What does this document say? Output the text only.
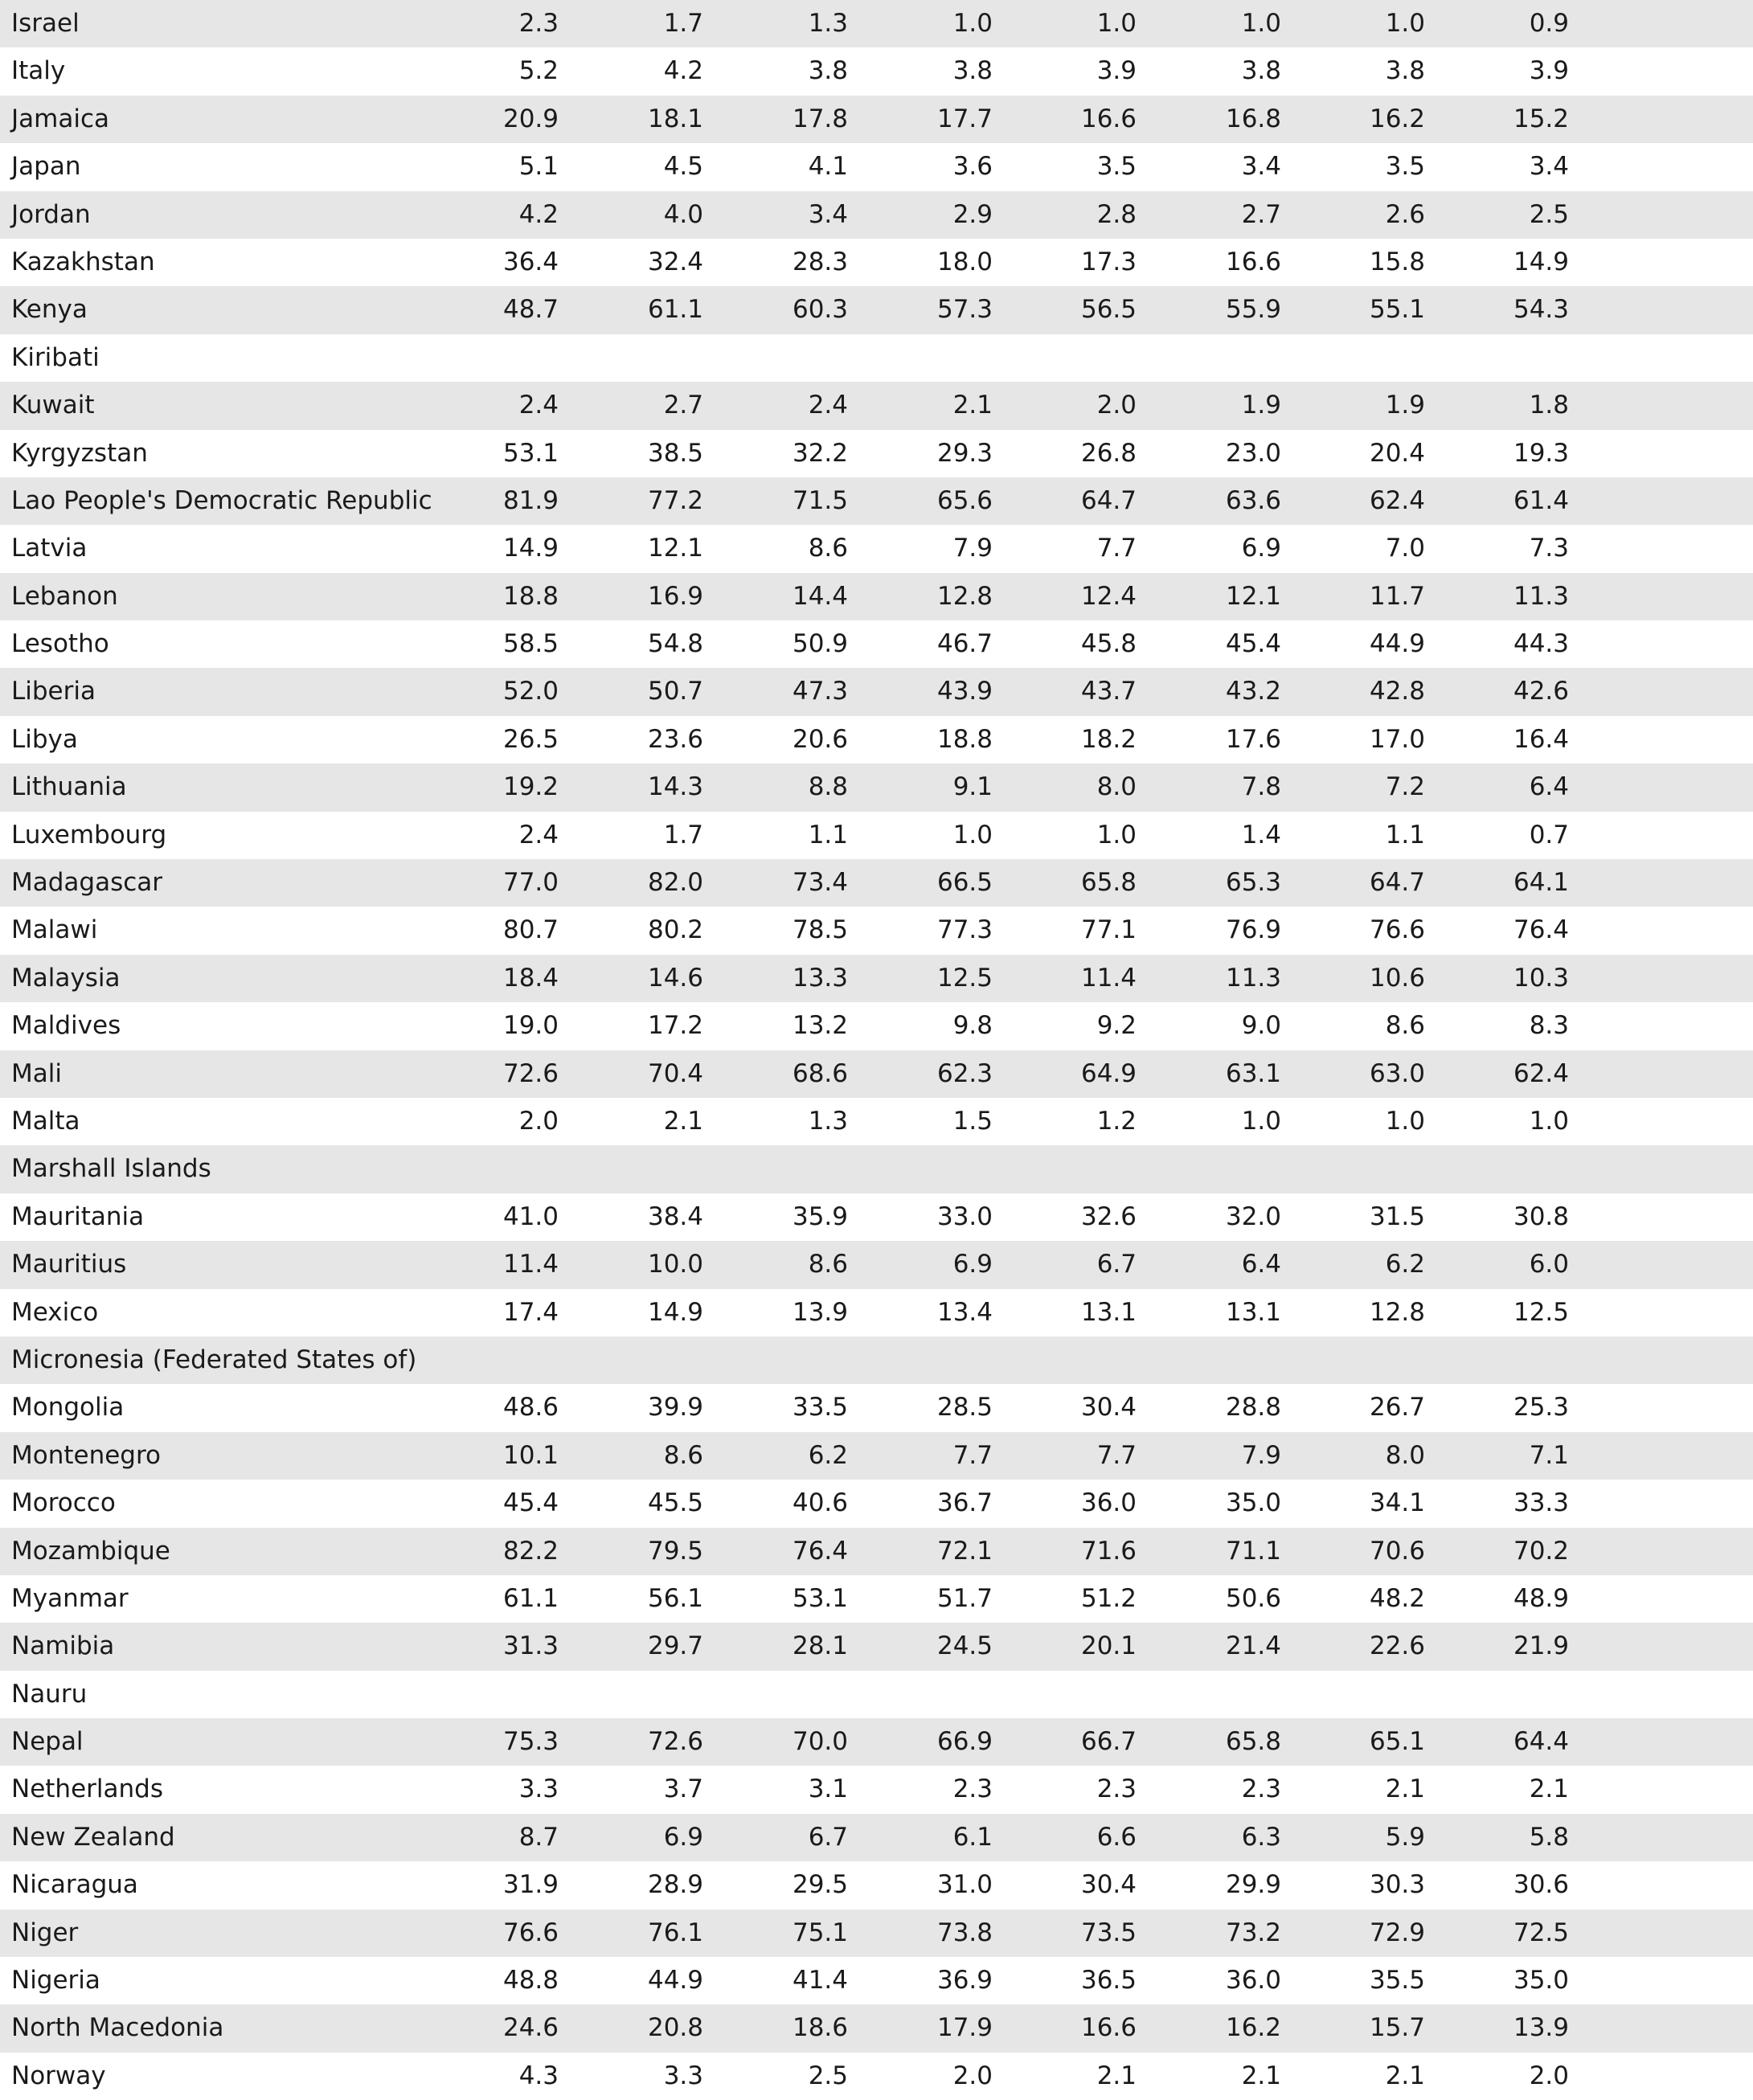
Israel	2.3	1.7	1.3	1.0	1.0	1.0	1.0	0.9
Italy	5.2	4.2	3.8	3.8	3.9	3.8	3.8	3.9
Jamaica	20.9	18.1	17.8	17.7	16.6	16.8	16.2	15.2
Japan	5.1	4.5	4.1	3.6	3.5	3.4	3.5	3.4
Jordan	4.2	4.0	3.4	2.9	2.8	2.7	2.6	2.5
Kazakhstan	36.4	32.4	28.3	18.0	17.3	16.6	15.8	14.9
Kenya	48.7	61.1	60.3	57.3	56.5	55.9	55.1	54.3
Kiribati
Kuwait	2.4	2.7	2.4	2.1	2.0	1.9	1.9	1.8
Kyrgyzstan	53.1	38.5	32.2	29.3	26.8	23.0	20.4	19.3
Lao People's Democratic Republic	81.9	77.2	71.5	65.6	64.7	63.6	62.4	61.4
Latvia	14.9	12.1	8.6	7.9	7.7	6.9	7.0	7.3
Lebanon	18.8	16.9	14.4	12.8	12.4	12.1	11.7	11.3
Lesotho	58.5	54.8	50.9	46.7	45.8	45.4	44.9	44.3
Liberia	52.0	50.7	47.3	43.9	43.7	43.2	42.8	42.6
Libya	26.5	23.6	20.6	18.8	18.2	17.6	17.0	16.4
Lithuania	19.2	14.3	8.8	9.1	8.0	7.8	7.2	6.4
Luxembourg	2.4	1.7	1.1	1.0	1.0	1.4	1.1	0.7
Madagascar	77.0	82.0	73.4	66.5	65.8	65.3	64.7	64.1
Malawi	80.7	80.2	78.5	77.3	77.1	76.9	76.6	76.4
Malaysia	18.4	14.6	13.3	12.5	11.4	11.3	10.6	10.3
Maldives	19.0	17.2	13.2	9.8	9.2	9.0	8.6	8.3
Mali	72.6	70.4	68.6	62.3	64.9	63.1	63.0	62.4
Malta	2.0	2.1	1.3	1.5	1.2	1.0	1.0	1.0
Marshall Islands
Mauritania	41.0	38.4	35.9	33.0	32.6	32.0	31.5	30.8
Mauritius	11.4	10.0	8.6	6.9	6.7	6.4	6.2	6.0
Mexico	17.4	14.9	13.9	13.4	13.1	13.1	12.8	12.5
Micronesia (Federated States of)
Mongolia	48.6	39.9	33.5	28.5	30.4	28.8	26.7	25.3
Montenegro	10.1	8.6	6.2	7.7	7.7	7.9	8.0	7.1
Morocco	45.4	45.5	40.6	36.7	36.0	35.0	34.1	33.3
Mozambique	82.2	79.5	76.4	72.1	71.6	71.1	70.6	70.2
Myanmar	61.1	56.1	53.1	51.7	51.2	50.6	48.2	48.9
Namibia	31.3	29.7	28.1	24.5	20.1	21.4	22.6	21.9
Nauru
Nepal	75.3	72.6	70.0	66.9	66.7	65.8	65.1	64.4
Netherlands	3.3	3.7	3.1	2.3	2.3	2.3	2.1	2.1
New Zealand	8.7	6.9	6.7	6.1	6.6	6.3	5.9	5.8
Nicaragua	31.9	28.9	29.5	31.0	30.4	29.9	30.3	30.6
Niger	76.6	76.1	75.1	73.8	73.5	73.2	72.9	72.5
Nigeria	48.8	44.9	41.4	36.9	36.5	36.0	35.5	35.0
North Macedonia	24.6	20.8	18.6	17.9	16.6	16.2	15.7	13.9
Norway	4.3	3.3	2.5	2.0	2.1	2.1	2.1	2.0
